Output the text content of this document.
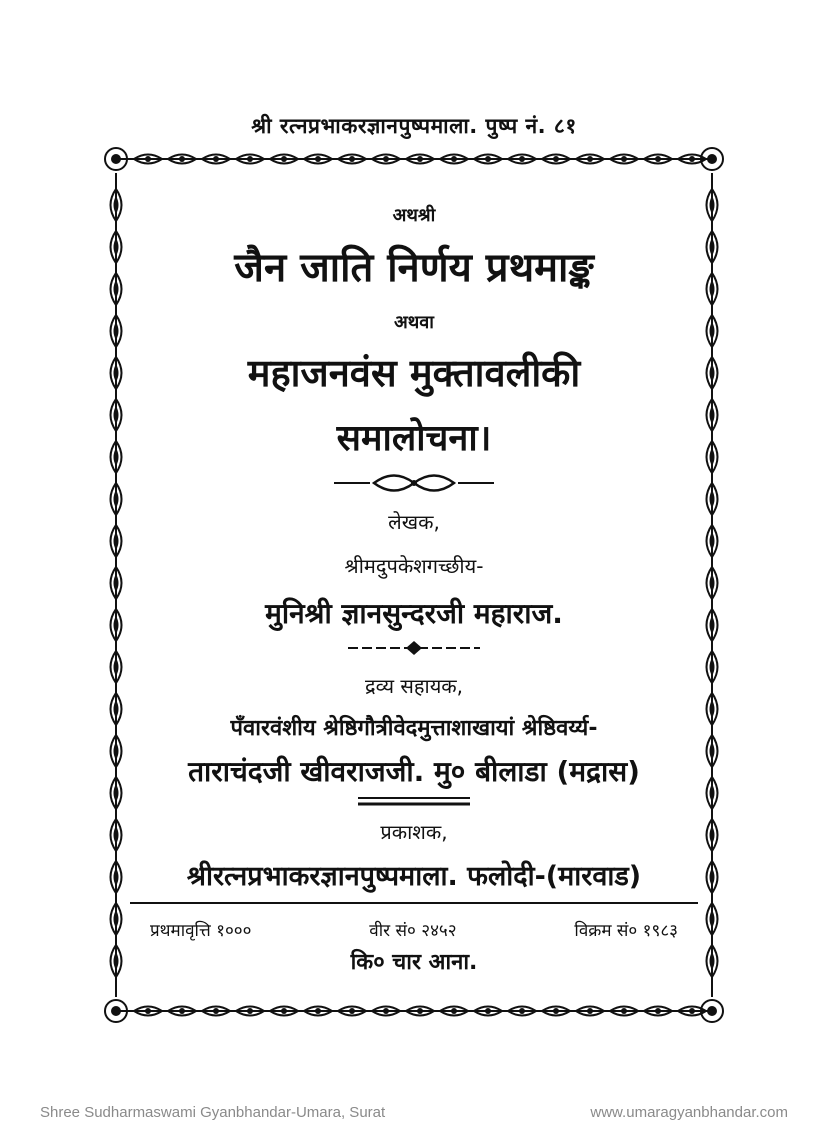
श्री रत्नप्रभाकरज्ञानपुष्पमाला. पुष्प नं. ८१
अथश्री
जैन जाति निर्णय प्रथमाङ्क
अथवा
महाजनवंस मुक्तावलीकी
समालोचना।
लेखक,
श्रीमदुपकेशगच्छीय-
मुनिश्री ज्ञानसुन्दरजी महाराज.
द्रव्य सहायक,
पँवारवंशीय श्रेष्ठिगौत्रीवेदमुत्ताशाखायां श्रेष्ठिवर्य्य-
ताराचंदजी खीवराजजी. मु० बीलाडा (मद्रास)
प्रकाशक,
श्रीरत्नप्रभाकरज्ञानपुष्पमाला. फलोदी-(मारवाड)
प्रथमावृत्ति १०००	वीर सं० २४५२	विक्रम सं० १९८३
कि० चार आना.
Shree Sudharmaswami Gyanbhandar-Umara, Surat	www.umaragyanbhandar.com
